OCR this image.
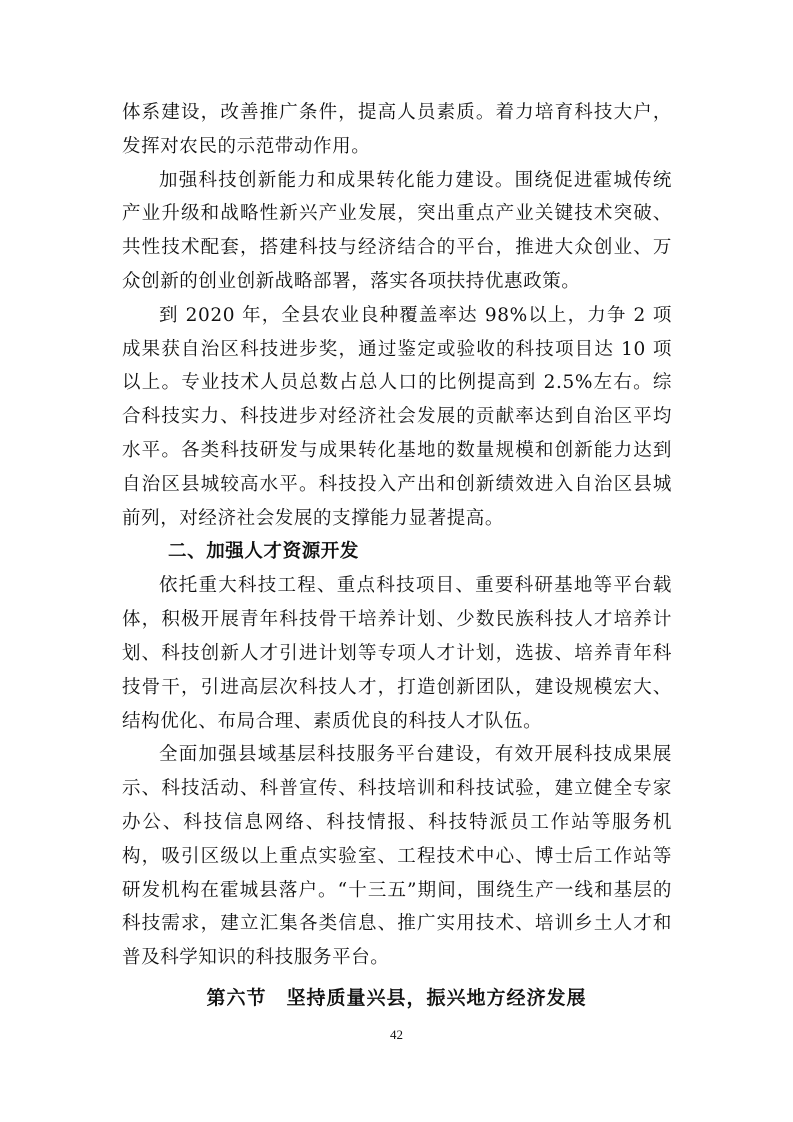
体系建设，改善推广条件，提高人员素质。着力培育科技大户，发挥对农民的示范带动作用。

加强科技创新能力和成果转化能力建设。围绕促进霍城传统产业升级和战略性新兴产业发展，突出重点产业关键技术突破、共性技术配套，搭建科技与经济结合的平台，推进大众创业、万众创新的创业创新战略部署，落实各项扶持优惠政策。

到 2020 年，全县农业良种覆盖率达 98%以上，力争 2 项成果获自治区科技进步奖，通过鉴定或验收的科技项目达 10 项以上。专业技术人员总数占总人口的比例提高到 2.5%左右。综合科技实力、科技进步对经济社会发展的贡献率达到自治区平均水平。各类科技研发与成果转化基地的数量规模和创新能力达到自治区县城较高水平。科技投入产出和创新绩效进入自治区县城前列，对经济社会发展的支撑能力显著提高。

二、加强人才资源开发

依托重大科技工程、重点科技项目、重要科研基地等平台载体，积极开展青年科技骨干培养计划、少数民族科技人才培养计划、科技创新人才引进计划等专项人才计划，选拔、培养青年科技骨干，引进高层次科技人才，打造创新团队，建设规模宏大、结构优化、布局合理、素质优良的科技人才队伍。

全面加强县域基层科技服务平台建设，有效开展科技成果展示、科技活动、科普宣传、科技培训和科技试验，建立健全专家办公、科技信息网络、科技情报、科技特派员工作站等服务机构，吸引区级以上重点实验室、工程技术中心、博士后工作站等研发机构在霍城县落户。“十三五”期间，围绕生产一线和基层的科技需求，建立汇集各类信息、推广实用技术、培训乡土人才和普及科学知识的科技服务平台。

第六节　坚持质量兴县，振兴地方经济发展
42
